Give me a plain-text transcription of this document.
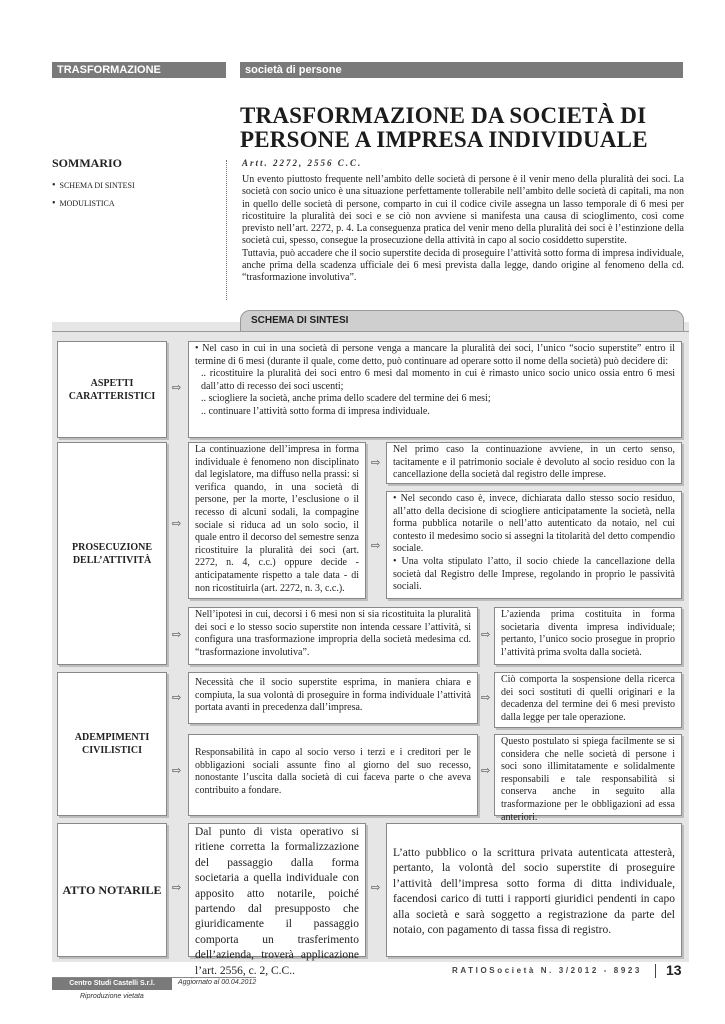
TRASFORMAZIONE	società di persone
TRASFORMAZIONE DA SOCIETÀ DI
PERSONE A IMPRESA INDIVIDUALE
Artt. 2272, 2556 C.C.
SOMMARIO
• SCHEMA DI SINTESI
• MODULISTICA

Un evento piuttosto frequente nell’ambito delle società di persone è il venir meno della pluralità dei soci. La società con socio unico è una situazione perfettamente tollerabile nell’ambito delle società di capitali, ma non in quello delle società di persone, comparto in cui il codice civile assegna un lasso temporale di 6 mesi per ricostituire la pluralità dei soci e se ciò non avviene si manifesta una causa di scioglimento, così come previsto nell’art. 2272, p. 4. La conseguenza pratica del venir meno della pluralità dei soci è l’estinzione della società cui, spesso, consegue la prosecuzione della attività in capo al socio cosiddetto superstite.

Tuttavia, può accadere che il socio superstite decida di proseguire l’attività sotto forma di impresa individuale, anche prima della scadenza ufficiale dei 6 mesi prevista dalla legge, dando origine al fenomeno della cd. “trasformazione involutiva”.

SCHEMA DI SINTESI
ASPETTI CARATTERISTICI
⇨
• Nel caso in cui in una società di persone venga a mancare la pluralità dei soci, l’unico “socio superstite” entro il termine di 6 mesi (durante il quale, come detto, può continuare ad operare sotto il nome della società) può decidere di:
.. ricostituire la pluralità dei soci entro 6 mesi dal momento in cui è rimasto unico socio unico ossia entro 6 mesi dall’atto di recesso dei soci uscenti;
.. sciogliere la società, anche prima dello scadere del termine dei 6 mesi;
.. continuare l’attività sotto forma di impresa individuale.
PROSECUZIONE DELL’ATTIVITÀ
⇨
La continuazione dell’impresa in forma individuale è fenomeno non disciplinato dal legislatore, ma diffuso nella prassi: si verifica quando, in una società di persone, per la morte, l’esclusione o il recesso di alcuni sodali, la compagine sociale si riduca ad un solo socio, il quale entro il decorso del semestre senza ricostituire la pluralità dei soci (art. 2272, n. 4, c.c.) oppure decide - anticipatamente rispetto a tale data - di non ricostituirla (art. 2272, n. 3, c.c.).
⇨
⇨
Nel primo caso la continuazione avviene, in un certo senso, tacitamente e il patrimonio sociale è devoluto al socio residuo con la cancellazione della società dal registro delle imprese.
• Nel secondo caso è, invece, dichiarata dallo stesso socio residuo, all’atto della decisione di sciogliere anticipatamente la società, nella forma pubblica notarile o nell’atto autenticato da notaio, nel cui contesto il medesimo socio si assegni la titolarità del detto compendio sociale.
• Una volta stipulato l’atto, il socio chiede la cancellazione della società dal Registro delle Imprese, regolando in proprio le passività sociali.
⇨
Nell’ipotesi in cui, decorsi i 6 mesi non si sia ricostituita la pluralità dei soci e lo stesso socio superstite non intenda cessare l’attività, si configura una trasformazione impropria della società medesima cd. “trasformazione involutiva”.
⇨
L’azienda prima costituita in forma societaria diventa impresa individuale; pertanto, l’unico socio prosegue in proprio l’attività prima svolta dalla società.
ADEMPIMENTI CIVILISTICI
⇨
Necessità che il socio superstite esprima, in maniera chiara e compiuta, la sua volontà di proseguire in forma individuale l’attività portata avanti in precedenza dall’impresa.
⇨
Ciò comporta la sospensione della ricerca dei soci sostituti di quelli originari e la decadenza del termine dei 6 mesi previsto dalla legge per tale operazione.
⇨
Responsabilità in capo al socio verso i terzi e i creditori per le obbligazioni sociali assunte fino al giorno del suo recesso, nonostante l’uscita dalla società di cui faceva parte o che aveva contribuito a fondare.
⇨
Questo postulato si spiega facilmente se si considera che nelle società di persone i soci sono illimitatamente e solidalmente responsabili e tale responsabilità si conserva anche in seguito alla trasformazione per le obbligazioni ad essa anteriori.
ATTO NOTARILE
⇨
Dal punto di vista operativo si ritiene corretta la formalizzazione del passaggio dalla forma societaria a quella individuale con apposito atto notarile, poiché partendo dal presupposto che giuridicamente il passaggio comporta un trasferimento dell’azienda, troverà applicazione l’art. 2556, c. 2, C.C..
⇨
L’atto pubblico o la scrittura privata autenticata attesterà, pertanto, la volontà del socio superstite di proseguire l’attività dell’impresa sotto forma di ditta individuale, facendosi carico di tutti i rapporti giuridici pendenti in capo alla società e sarà soggetto a registrazione da parte del notaio, con pagamento di tassa fissa di registro.
RATIOSocietà N. 3/2012 - 8923 13
Centro Studi Castelli S.r.l.	Aggiornato al 00.04.2012
Riproduzione vietata
